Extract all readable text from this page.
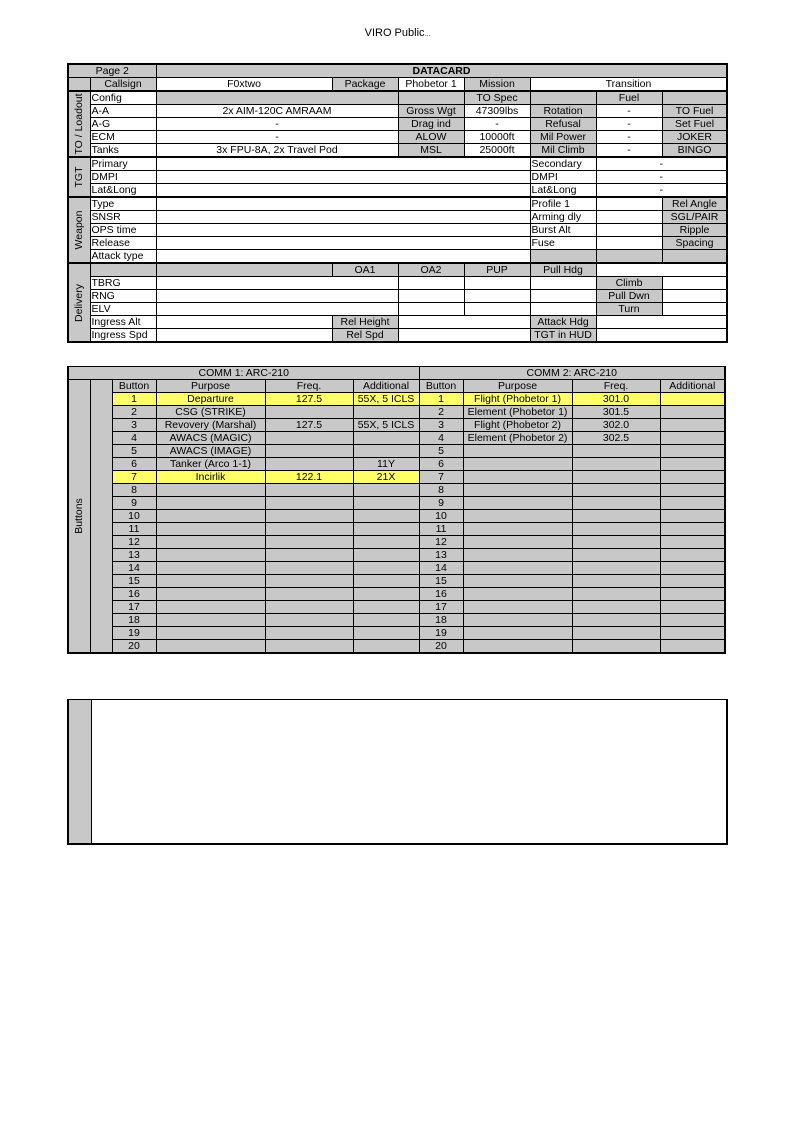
VIRO Public...
Page 2		DATACARD							
	Callsign	F0xtwo	Package	Phobetor 1	Mission	Transition			

TO / Loadout	Config				TO Spec		Fuel		
	A-A	2x AIM-120C AMRAAM		Gross Wgt	47309lbs	Rotation	-	TO Fuel	
	A-G	-		Drag ind	-	Refusal	-	Set Fuel	
	ECM	-		ALOW	10000ft	Mil Power	-	JOKER	
	Tanks	3x FPU-8A, 2x Travel Pod		MSL	25000ft	Mil Climb	-	BINGO	

TGT	Primary					Secondary	-		
	DMPI					DMPI	-		
	Lat&Long					Lat&Long	-		

Weapon	Type					Profile 1		Rel Angle	
	SNSR					Arming dly		SGL/PAIR	
	OPS time					Burst Alt		Ripple	
	Release					Fuse		Spacing	
	Attack type								

Delivery			OA1	OA2	PUP	Pull Hdg			
	TBRG						Climb		
	RNG						Pull Dwn		
	ELV						Turn		
	Ingress Alt		Rel Height			Attack Hdg			
	Ingress Spd		Rel Spd			TGT in HUD			
COMM 1: ARC-210						COMM 2: ARC-210			

Buttons		Button	Purpose	Freq.	Additional	Button	Purpose	Freq.	Additional
		1	Departure	127.5	55X, 5 ICLS	1	Flight (Phobetor 1)	301.0	
		2	CSG (STRIKE)			2	Element (Phobetor 1)	301.5	
		3	Revovery (Marshal)	127.5	55X, 5 ICLS	3	Flight (Phobetor 2)	302.0	
		4	AWACS (MAGIC)			4	Element (Phobetor 2)	302.5	
		5	AWACS (IMAGE)			5			
		6	Tanker (Arco 1-1)		11Y	6			
		7	Incirlik	122.1	21X	7			
		8				8			
		9				9			
		10				10			
		11				11			
		12				12			
		13				13			
		14				14			
		15				15			
		16				16			
		17				17			
		18				18			
		19				19			
		20				20			
